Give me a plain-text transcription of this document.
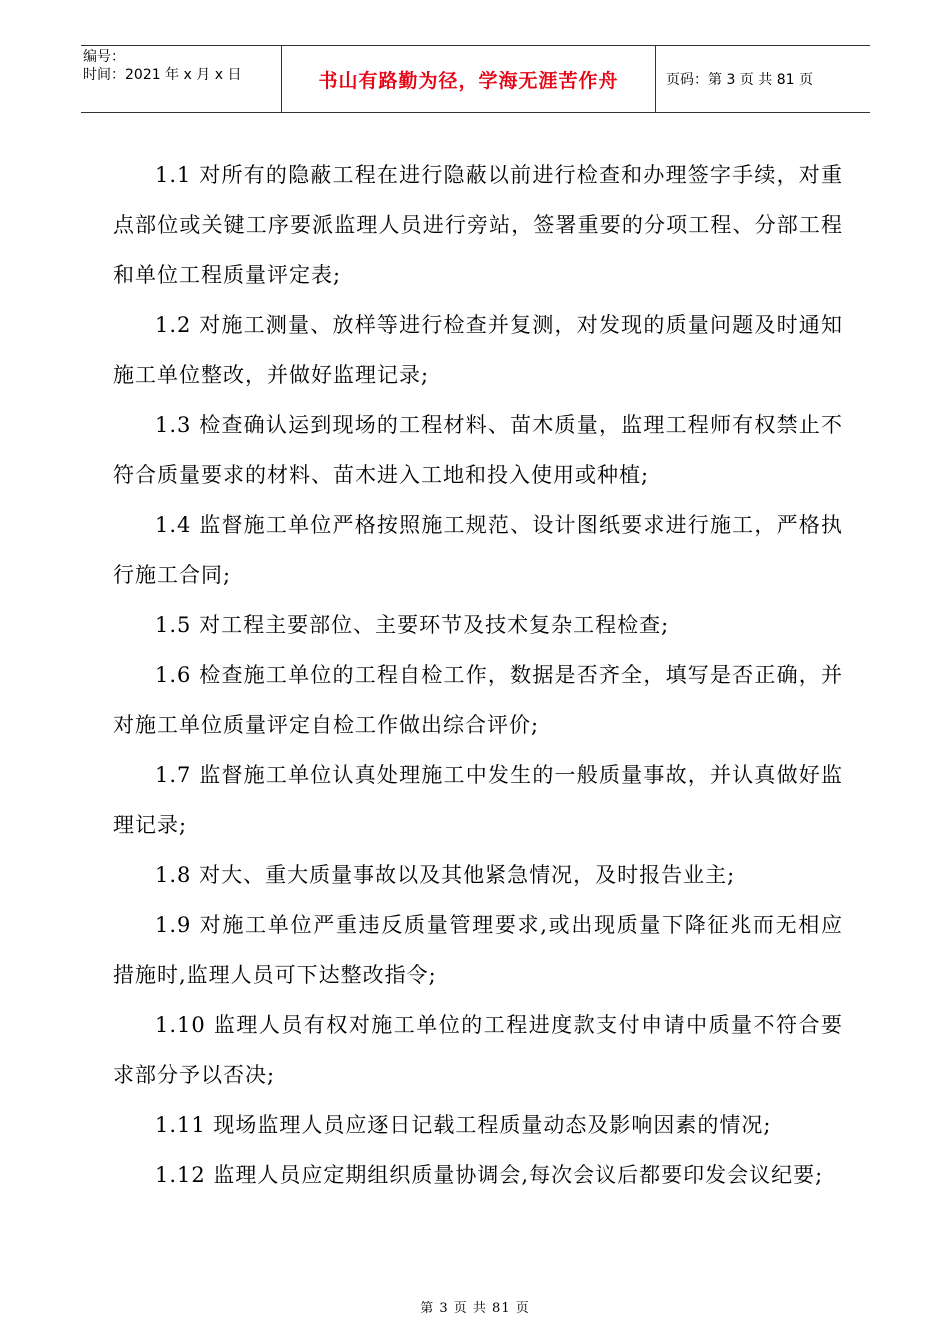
编号：
时间：2021 年 x 月 x 日	书山有路勤为径，学海无涯苦作舟	页码：第 3 页 共 81 页

1.1 对所有的隐蔽工程在进行隐蔽以前进行检查和办理签字手续，对重点部位或关键工序要派监理人员进行旁站，签署重要的分项工程、分部工程和单位工程质量评定表;

1.2 对施工测量、放样等进行检查并复测，对发现的质量问题及时通知施工单位整改，并做好监理记录;

1.3 检查确认运到现场的工程材料、苗木质量，监理工程师有权禁止不符合质量要求的材料、苗木进入工地和投入使用或种植;

1.4 监督施工单位严格按照施工规范、设计图纸要求进行施工，严格执行施工合同;

1.5 对工程主要部位、主要环节及技术复杂工程检查;

1.6 检查施工单位的工程自检工作，数据是否齐全，填写是否正确，并对施工单位质量评定自检工作做出综合评价;

1.7 监督施工单位认真处理施工中发生的一般质量事故，并认真做好监理记录;

1.8 对大、重大质量事故以及其他紧急情况，及时报告业主;

1.9 对施工单位严重违反质量管理要求,或出现质量下降征兆而无相应措施时,监理人员可下达整改指令;

1.10 监理人员有权对施工单位的工程进度款支付申请中质量不符合要求部分予以否决;

1.11 现场监理人员应逐日记载工程质量动态及影响因素的情况;

1.12 监理人员应定期组织质量协调会,每次会议后都要印发会议纪要;

第 3 页 共 81 页
